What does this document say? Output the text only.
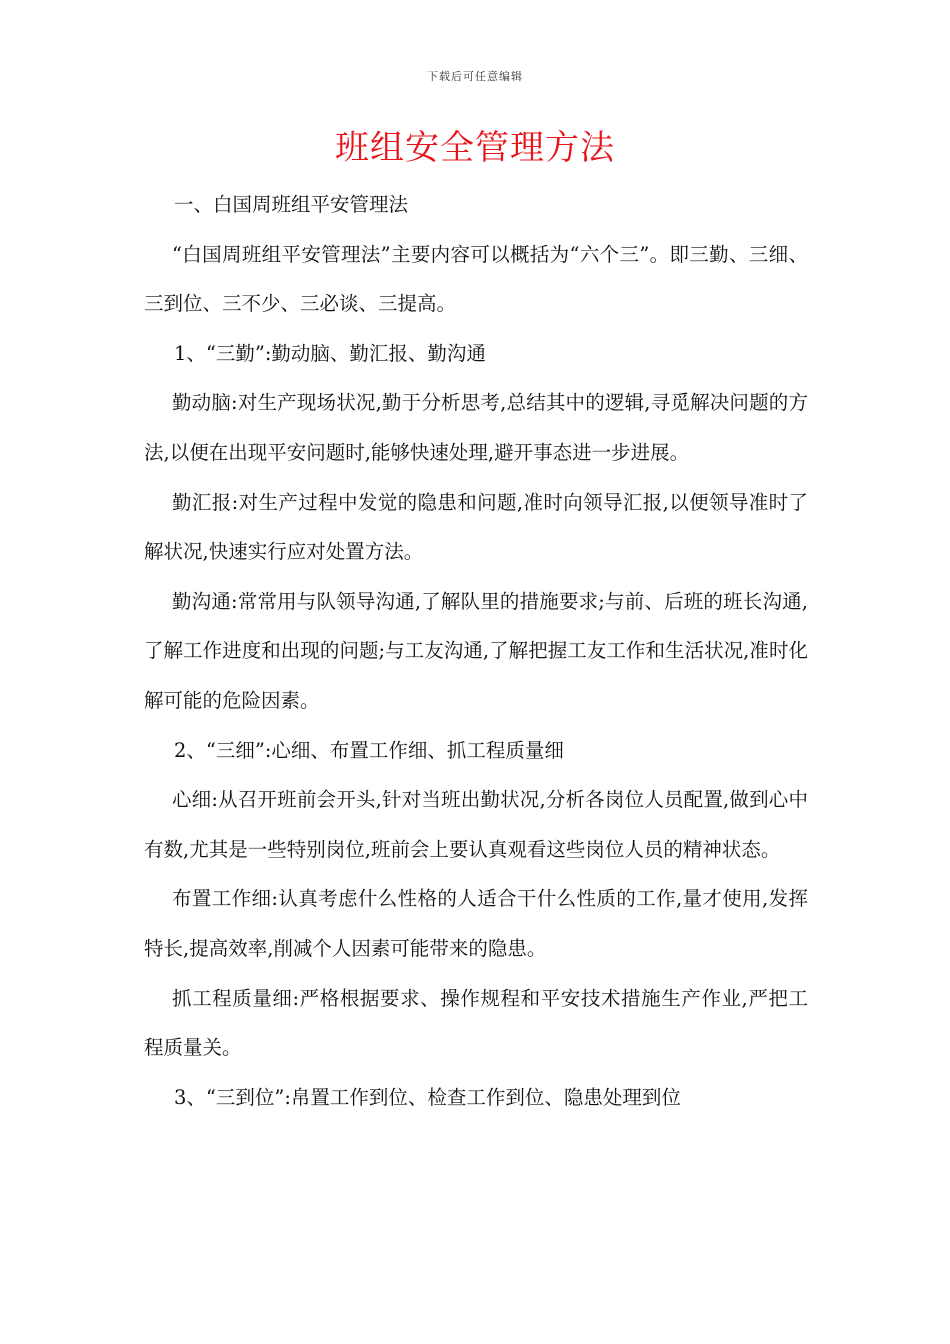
下载后可任意编辑
班组安全管理方法

一、白国周班组平安管理法

“白国周班组平安管理法”主要内容可以概括为“六个三”。即三勤、三细、三到位、三不少、三必谈、三提高。

1、“三勤”:勤动脑、勤汇报、勤沟通

勤动脑:对生产现场状况,勤于分析思考,总结其中的逻辑,寻觅解决问题的方法,以便在出现平安问题时,能够快速处理,避开事态进一步进展。

勤汇报:对生产过程中发觉的隐患和问题,准时向领导汇报,以便领导准时了解状况,快速实行应对处置方法。

勤沟通:常常用与队领导沟通,了解队里的措施要求;与前、后班的班长沟通,了解工作进度和出现的问题;与工友沟通,了解把握工友工作和生活状况,准时化解可能的危险因素。

2、“三细”:心细、布置工作细、抓工程质量细

心细:从召开班前会开头,针对当班出勤状况,分析各岗位人员配置,做到心中有数,尤其是一些特别岗位,班前会上要认真观看这些岗位人员的精神状态。

布置工作细:认真考虑什么性格的人适合干什么性质的工作,量才使用,发挥特长,提高效率,削减个人因素可能带来的隐患。

抓工程质量细:严格根据要求、操作规程和平安技术措施生产作业,严把工程质量关。

3、“三到位”:帛置工作到位、检查工作到位、隐患处理到位
